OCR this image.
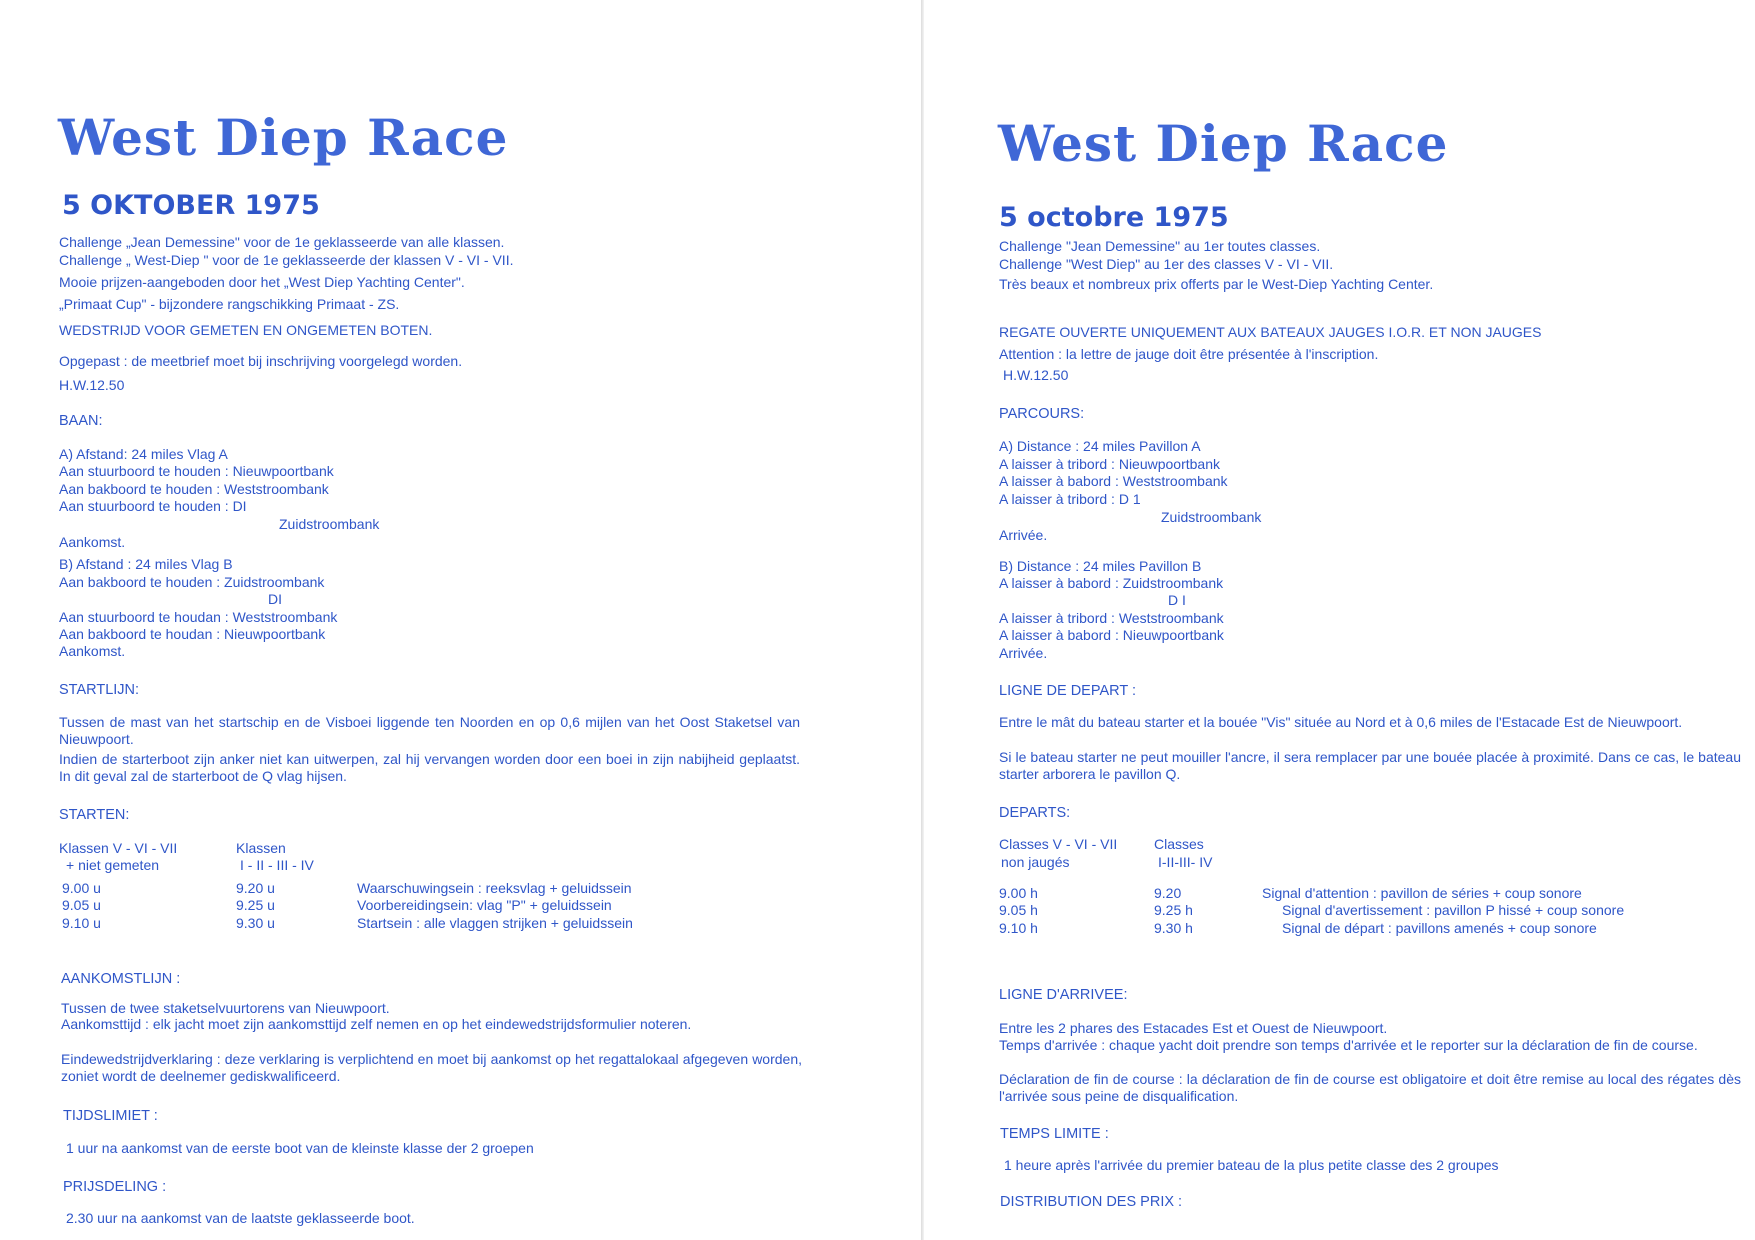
West Diep Race
5 OKTOBER 1975
Challenge „Jean Demessine" voor de 1e geklasseerde van alle klassen.
Challenge „ West-Diep " voor de 1e geklasseerde der klassen V - VI - VII.
Mooie prijzen-aangeboden door het „West Diep Yachting Center".
„Primaat Cup" - bijzondere rangschikking Primaat - ZS.
WEDSTRIJD VOOR GEMETEN EN ONGEMETEN BOTEN.
Opgepast : de meetbrief moet bij inschrijving voorgelegd worden.
H.W.12.50
BAAN:
A) Afstand: 24 miles Vlag A
Aan stuurboord te houden : Nieuwpoortbank
Aan bakboord te houden : Weststroombank
Aan stuurboord te houden : DI
Zuidstroombank
Aankomst.
B) Afstand : 24 miles Vlag B
Aan bakboord te houden : Zuidstroombank
DI
Aan stuurboord te houdan : Weststroombank
Aan bakboord te houdan : Nieuwpoortbank
Aankomst.
STARTLIJN:
Tussen de mast van het startschip en de Visboei liggende ten Noorden en op 0,6 mijlen van het Oost Staketsel van Nieuwpoort.
Indien de starterboot zijn anker niet kan uitwerpen, zal hij vervangen worden door een boei in zijn nabijheid geplaatst. In dit geval zal de starterboot de Q vlag hijsen.
STARTEN:
Klassen V - VI - VII
+ niet gemeten
Klassen
I - II - III - IV
9.00 u	9.20 u	Waarschuwingsein : reeksvlag + geluidssein
9.05 u	9.25 u	Voorbereidingsein: vlag "P" + geluidssein
9.10 u	9.30 u	Startsein : alle vlaggen strijken + geluidssein
AANKOMSTLIJN :
Tussen de twee staketselvuurtorens van Nieuwpoort.
Aankomsttijd : elk jacht moet zijn aankomsttijd zelf nemen en op het eindewedstrijdsformulier noteren.
Eindewedstrijdverklaring : deze verklaring is verplichtend en moet bij aankomst op het regattalokaal afgegeven worden, zoniet wordt de deelnemer gediskwalificeerd.
TIJDSLIMIET :
1 uur na aankomst van de eerste boot van de kleinste klasse der 2 groepen
PRIJSDELING :
2.30 uur na aankomst van de laatste geklasseerde boot.
West Diep Race
5 octobre 1975
Challenge "Jean Demessine" au 1er toutes classes.
Challenge "West Diep" au 1er des classes V - VI - VII.
Très beaux et nombreux prix offerts par le West-Diep Yachting Center.
REGATE OUVERTE UNIQUEMENT AUX BATEAUX JAUGES I.O.R. ET NON JAUGES
Attention : la lettre de jauge doit être présentée à l'inscription.
H.W.12.50
PARCOURS:
A) Distance : 24 miles Pavillon A
A laisser à tribord : Nieuwpoortbank
A laisser à babord : Weststroombank
A laisser à tribord : D 1
Zuidstroombank
Arrivée.
B) Distance : 24 miles Pavillon B
A laisser à babord : Zuidstroombank
D I
A laisser à tribord : Weststroombank
A laisser à babord : Nieuwpoortbank
Arrivée.
LIGNE DE DEPART :
Entre le mât du bateau starter et la bouée "Vis" située au Nord et à 0,6 miles de l'Estacade Est de Nieuwpoort.
Si le bateau starter ne peut mouiller l'ancre, il sera remplacer par une bouée placée à proximité. Dans ce cas, le bateau starter arborera le pavillon Q.
DEPARTS:
Classes V - VI - VII
non jaugés
Classes
I-II-III- IV
9.00 h	9.20	Signal d'attention : pavillon de séries + coup sonore
9.05 h	9.25 h	Signal d'avertissement : pavillon P hissé + coup sonore
9.10 h	9.30 h	Signal de départ : pavillons amenés + coup sonore
LIGNE D'ARRIVEE:
Entre les 2 phares des Estacades Est et Ouest de Nieuwpoort.
Temps d'arrivée : chaque yacht doit prendre son temps d'arrivée et le reporter sur la déclaration de fin de course.
Déclaration de fin de course : la déclaration de fin de course est obligatoire et doit être remise au local des régates dès l'arrivée sous peine de disqualification.
TEMPS LIMITE :
1 heure après l'arrivée du premier bateau de la plus petite classe des 2 groupes
DISTRIBUTION DES PRIX :
